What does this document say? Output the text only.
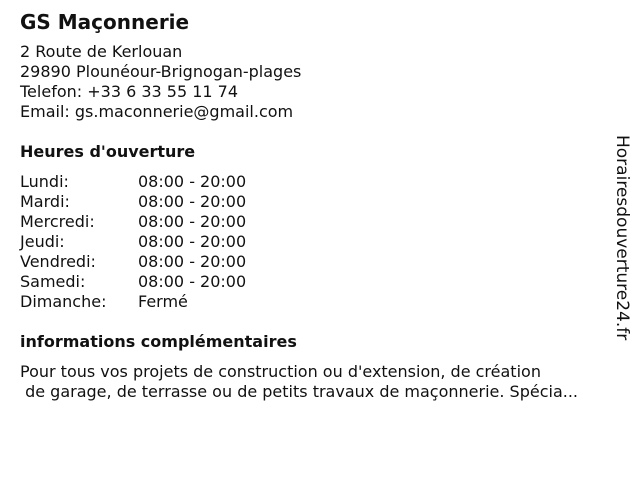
GS Maçonnerie
2 Route de Kerlouan
29890 Plounéour-Brignogan-plages
Telefon: +33 6 33 55 11 74
Email: gs.maconnerie@gmail.com
Heures d'ouverture
Lundi:	08:00 - 20:00
Mardi:	08:00 - 20:00
Mercredi:	08:00 - 20:00
Jeudi:	08:00 - 20:00
Vendredi:	08:00 - 20:00
Samedi:	08:00 - 20:00
Dimanche:	Fermé
informations complémentaires
Pour tous vos projets de construction ou d'extension, de création
de garage, de terrasse ou de petits travaux de maçonnerie. Spécia...
Horairesdouverture24.fr
